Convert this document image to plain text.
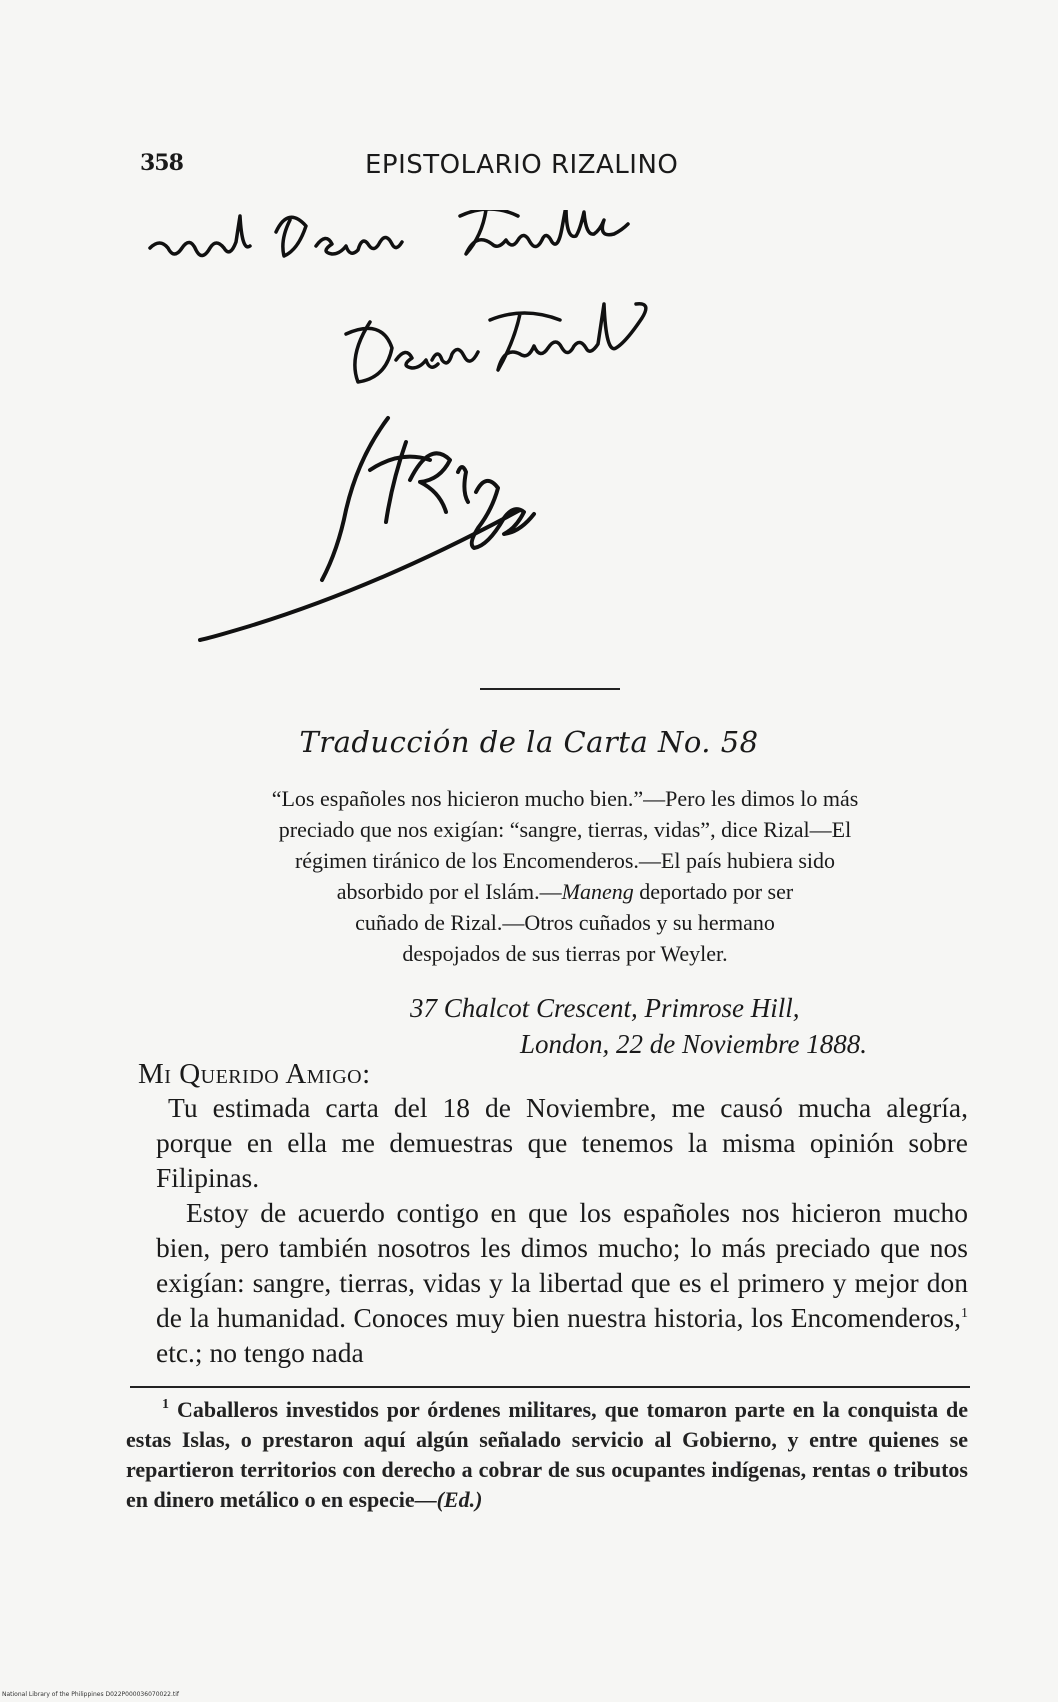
358	EPISTOLARIO RIZALINO
Traducción de la Carta No. 58
“Los españoles nos hicieron mucho bien.”—Pero les dimos lo más
preciado que nos exigían: “sangre, tierras, vidas”, dice Rizal—El
régimen tiránico de los Encomenderos.—El país hubiera sido
absorbido por el Islám.—Maneng deportado por ser
cuñado de Rizal.—Otros cuñados y su hermano
despojados de sus tierras por Weyler.
37 Chalcot Crescent, Primrose Hill,
London, 22 de Noviembre 1888.
Mi Querido Amigo:

Tu estimada carta del 18 de Noviembre, me causó mucha alegría, porque en ella me demuestras que tenemos la misma opinión sobre Filipinas.

Estoy de acuerdo contigo en que los españoles nos hicieron mucho bien, pero también nosotros les dimos mucho; lo más preciado que nos exigían: sangre, tierras, vidas y la libertad que es el primero y mejor don de la humanidad. Conoces muy bien nuestra historia, los Encomenderos,$^1$ etc.; no tengo nada

$^1$ Caballeros investidos por órdenes militares, que tomaron parte en la conquista de estas Islas, o prestaron aquí algún señalado servicio al Gobierno, y entre quienes se repartieron territorios con derecho a cobrar de sus ocupantes indígenas, rentas o tributos en dinero metálico o en especie—(Ed.)
National Library of the Philippines D022P000036070022.tif
